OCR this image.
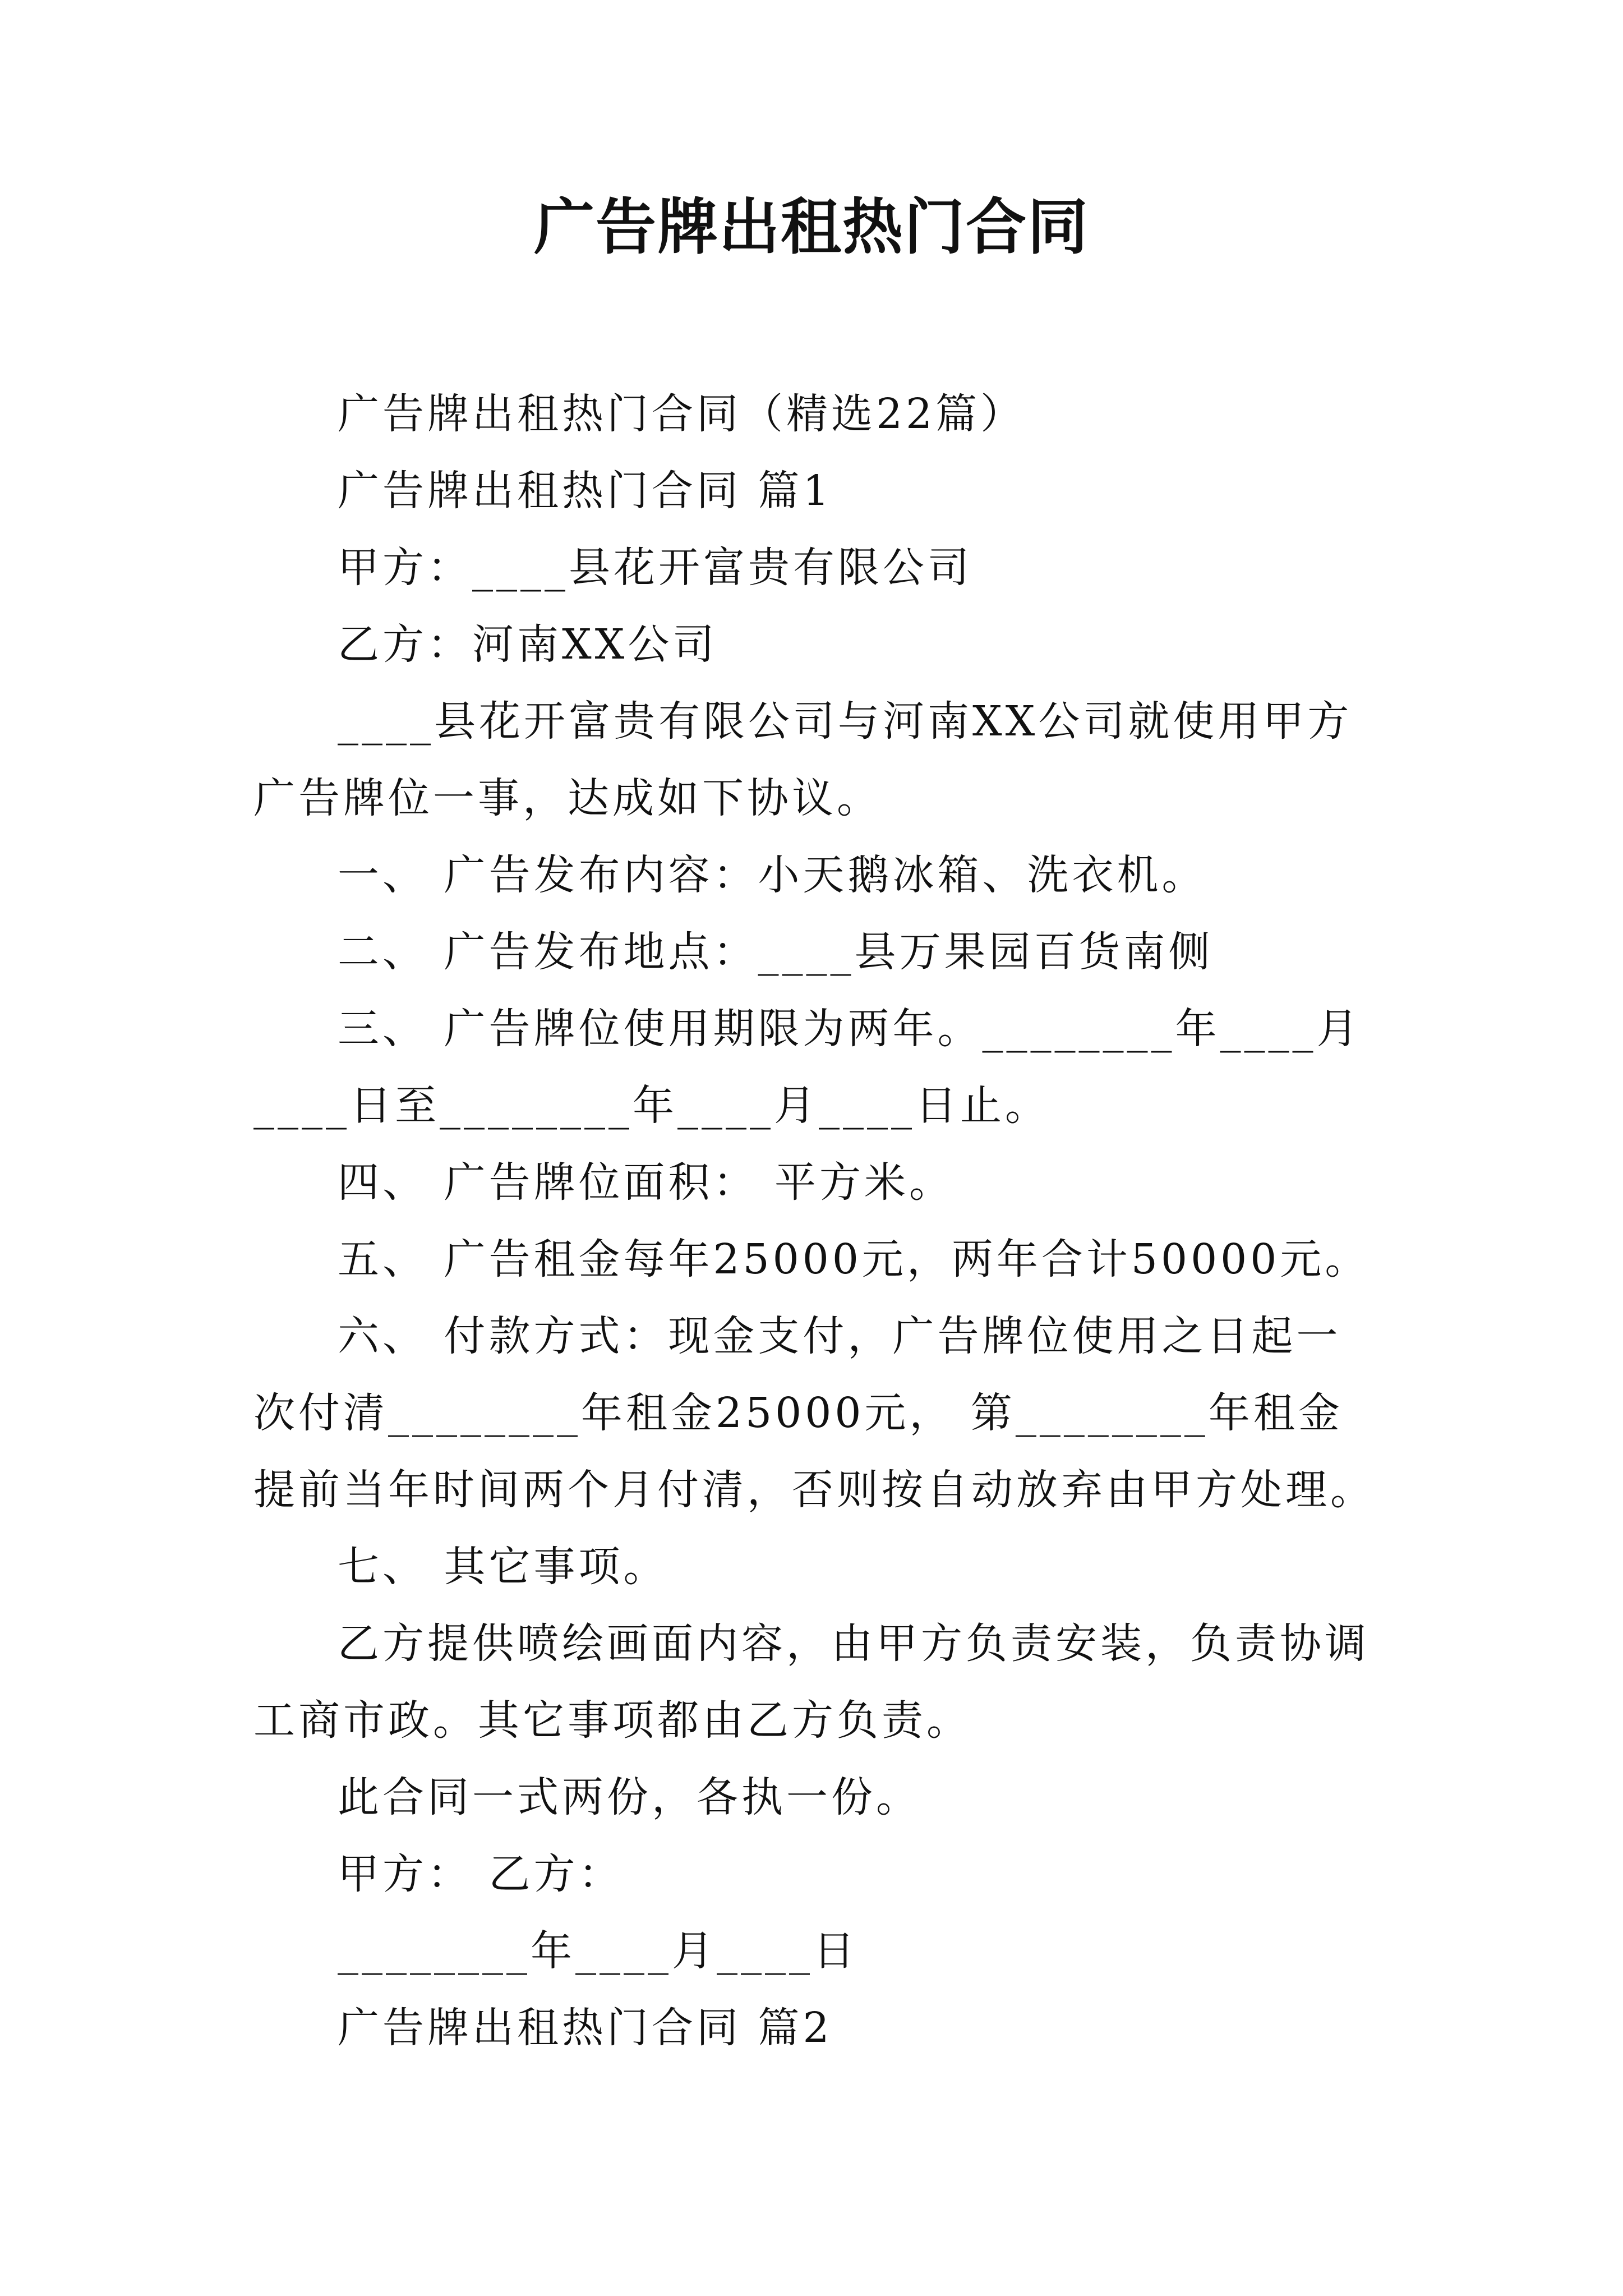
广告牌出租热门合同

广告牌出租热门合同（精选22篇）

广告牌出租热门合同 篇1

甲方：____县花开富贵有限公司

乙方：河南XX公司

____县花开富贵有限公司与河南XX公司就使用甲方广告牌位一事，达成如下协议。

一、 广告发布内容：小天鹅冰箱、洗衣机。

二、 广告发布地点：____县万果园百货南侧

三、 广告牌位使用期限为两年。________年____月____日至________年____月____日止。

四、 广告牌位面积： 平方米。

五、 广告租金每年25000元，两年合计50000元。

六、 付款方式：现金支付，广告牌位使用之日起一次付清________年租金25000元， 第________年租金提前当年时间两个月付清，否则按自动放弃由甲方处理。

七、 其它事项。

乙方提供喷绘画面内容，由甲方负责安装，负责协调工商市政。其它事项都由乙方负责。

此合同一式两份，各执一份。

甲方： 乙方：

________年____月____日

广告牌出租热门合同 篇2
